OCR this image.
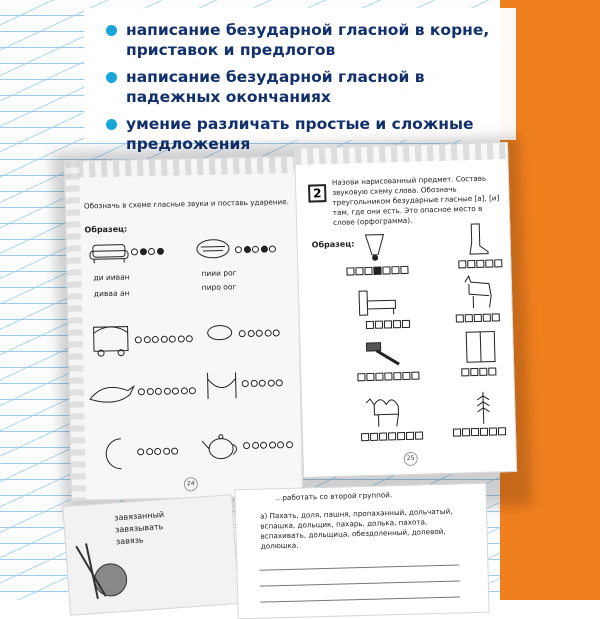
написание безударной гласной в корне, приставок и предлогов
написание безударной гласной в падежных окончаниях
умение различать простые и сложные предложения
Обозначь в схеме гласные звуки и поставь ударение.
Образец:
ди ииван
диваа ан
пиии рог
пиро оог
24
2
Назови нарисованный предмет. Составь звуковую схему слова. Обозначь треугольником безударные гласные [а], [и] там, где они есть. Это опасное место в слове (орфограмма).
Образец:
25
завязанный
завязывать
завязь
...работать со второй группой.
а) Пахать, доля, пашня, пропаханный, дольчатый, вспашка, дольщик, пахарь, долька, пахота, вспахивать, дольщица, обездоленный, долевой, долюшка.
